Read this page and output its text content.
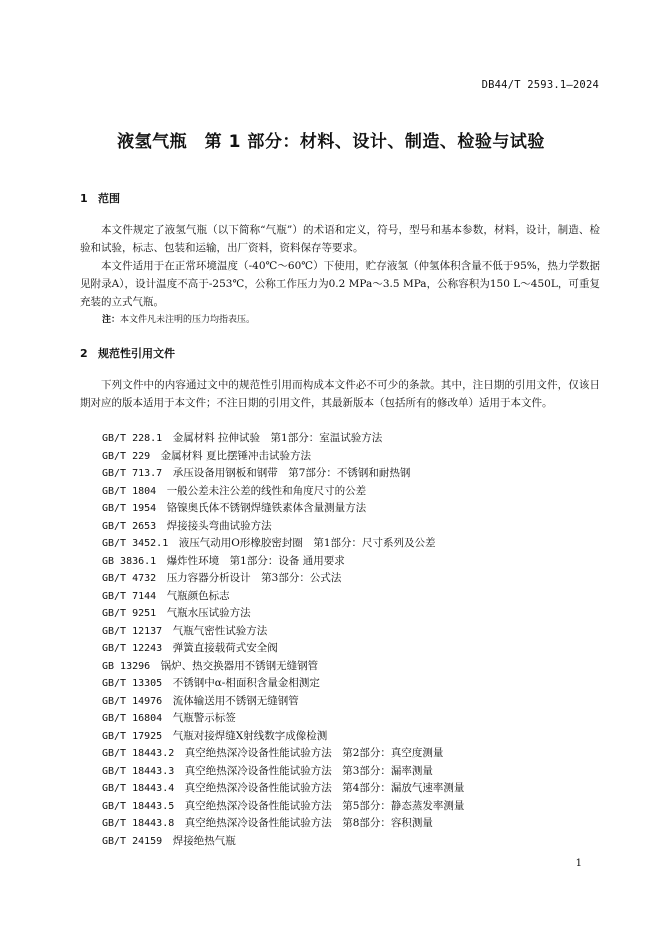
DB44/T 2593.1—2024
液氢气瓶　第 1 部分：材料、设计、制造、检验与试验
1 范围
本文件规定了液氢气瓶（以下简称“气瓶”）的术语和定义，符号，型号和基本参数，材料，设计，制造、检验和试验，标志、包装和运输，出厂资料，资料保存等要求。
本文件适用于在正常环境温度（-40℃～60℃）下使用，贮存液氢（仲氢体积含量不低于95%，热力学数据见附录A），设计温度不高于-253℃，公称工作压力为0.2 MPa～3.5 MPa，公称容积为150 L～450L，可重复充装的立式气瓶。
注：本文件凡未注明的压力均指表压。
2 规范性引用文件
下列文件中的内容通过文中的规范性引用而构成本文件必不可少的条款。其中，注日期的引用文件，仅该日期对应的版本适用于本文件；不注日期的引用文件，其最新版本（包括所有的修改单）适用于本文件。
GB/T 228.1　 金属材料 拉伸试验　第1部分：室温试验方法
GB/T 229　 金属材料 夏比摆锤冲击试验方法
GB/T 713.7　 承压设备用钢板和钢带　第7部分：不锈钢和耐热钢
GB/T 1804　 一般公差未注公差的线性和角度尺寸的公差
GB/T 1954　 铬镍奥氏体不锈钢焊缝铁素体含量测量方法
GB/T 2653　 焊接接头弯曲试验方法
GB/T 3452.1　 液压气动用O形橡胶密封圈　第1部分：尺寸系列及公差
GB 3836.1　 爆炸性环境　第1部分：设备 通用要求
GB/T 4732　 压力容器分析设计　第3部分：公式法
GB/T 7144　 气瓶颜色标志
GB/T 9251　 气瓶水压试验方法
GB/T 12137　 气瓶气密性试验方法
GB/T 12243　 弹簧直接载荷式安全阀
GB 13296　 锅炉、热交换器用不锈钢无缝钢管
GB/T 13305　 不锈钢中α-相面积含量金相测定
GB/T 14976　 流体输送用不锈钢无缝钢管
GB/T 16804　 气瓶警示标签
GB/T 17925　 气瓶对接焊缝X射线数字成像检测
GB/T 18443.2　 真空绝热深冷设备性能试验方法　第2部分：真空度测量
GB/T 18443.3　 真空绝热深冷设备性能试验方法　第3部分：漏率测量
GB/T 18443.4　 真空绝热深冷设备性能试验方法　第4部分：漏放气速率测量
GB/T 18443.5　 真空绝热深冷设备性能试验方法　第5部分：静态蒸发率测量
GB/T 18443.8　 真空绝热深冷设备性能试验方法　第8部分：容积测量
GB/T 24159　 焊接绝热气瓶
1
